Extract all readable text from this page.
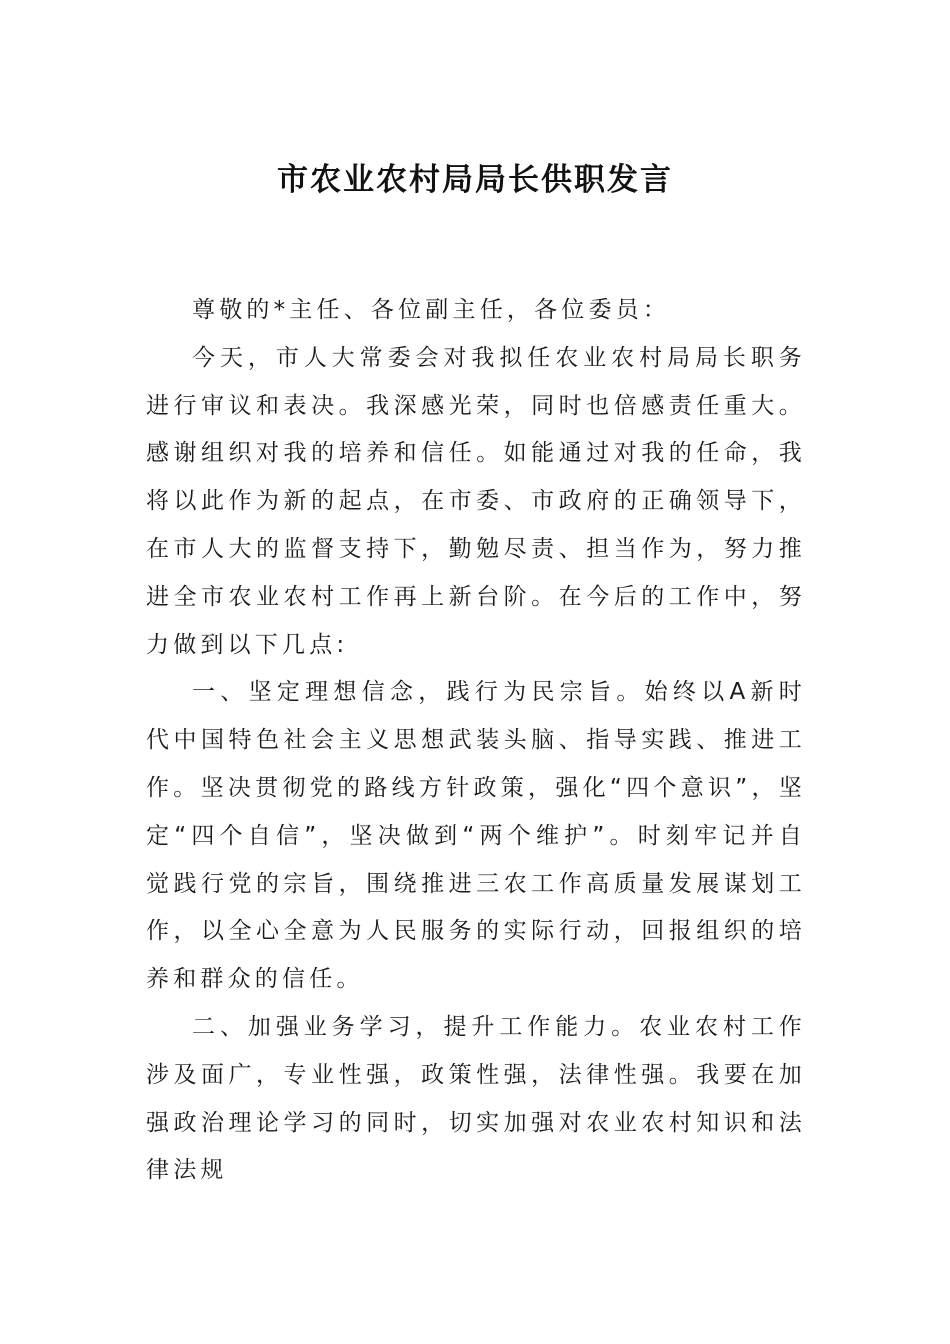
市农业农村局局长供职发言

尊敬的*主任、各位副主任，各位委员：

今天，市人大常委会对我拟任农业农村局局长职务进行审议和表决。我深感光荣，同时也倍感责任重大。感谢组织对我的培养和信任。如能通过对我的任命，我将以此作为新的起点，在市委、市政府的正确领导下，在市人大的监督支持下，勤勉尽责、担当作为，努力推进全市农业农村工作再上新台阶。在今后的工作中，努力做到以下几点:

一、坚定理想信念，践行为民宗旨。始终以A新时代中国特色社会主义思想武装头脑、指导实践、推进工作。坚决贯彻党的路线方针政策，强化“四个意识”，坚定“四个自信”，坚决做到“两个维护”。时刻牢记并自觉践行党的宗旨，围绕推进三农工作高质量发展谋划工作，以全心全意为人民服务的实际行动，回报组织的培养和群众的信任。

二、加强业务学习，提升工作能力。农业农村工作涉及面广，专业性强，政策性强，法律性强。我要在加强政治理论学习的同时，切实加强对农业农村知识和法律法规
